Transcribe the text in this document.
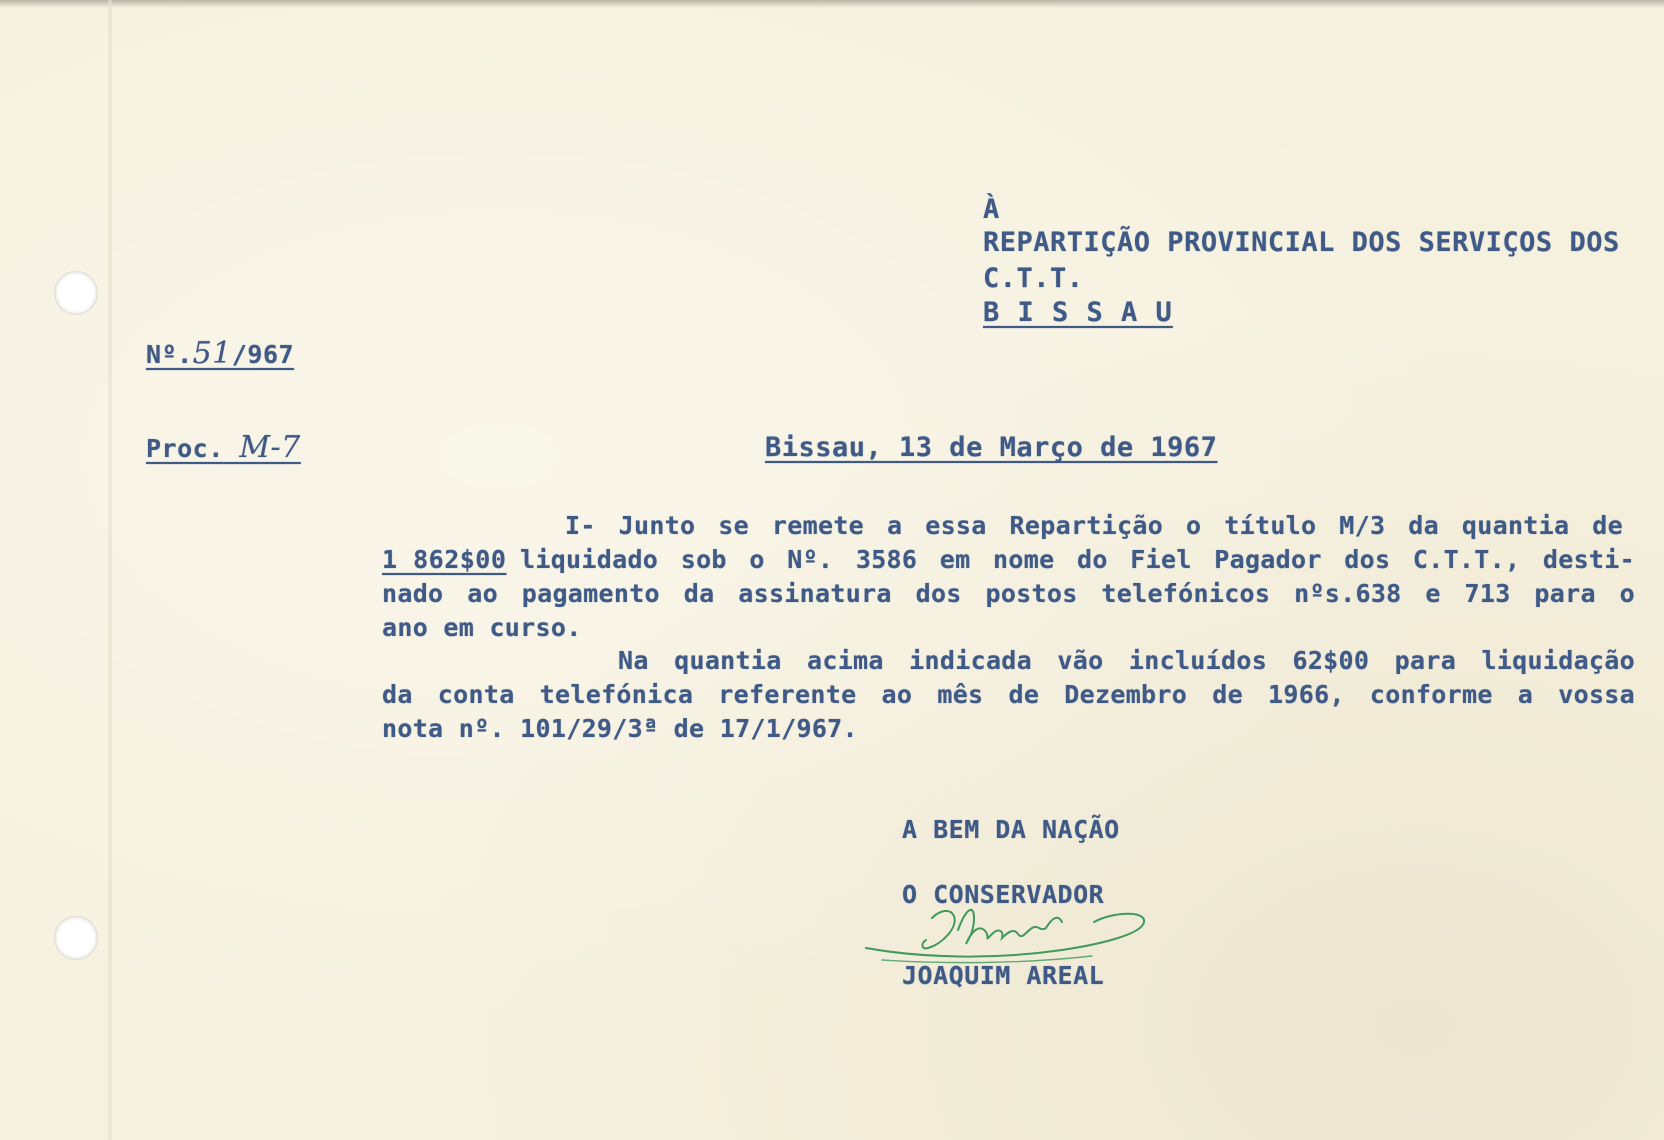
À
REPARTIÇÃO PROVINCIAL DOS SERVIÇOS DOS
C.T.T.
B I S S A U
Nº.51/967
Proc. M-7	Bissau, 13 de Março de 1967
I- Junto se remete a essa Repartição o título M/3 da quantia de
liquidado sob o Nº. 3586 em nome do Fiel Pagador dos C.T.T., desti-
1 862$00
nado ao pagamento da assinatura dos postos telefónicos nºs.638 e 713 para o
ano em curso.
Na quantia acima indicada vão incluídos 62$00 para liquidação
da conta telefónica referente ao mês de Dezembro de 1966, conforme a vossa
nota nº. 101/29/3ª de 17/1/967.
A BEM DA NAÇÃO
O CONSERVADOR
JOAQUIM AREAL
